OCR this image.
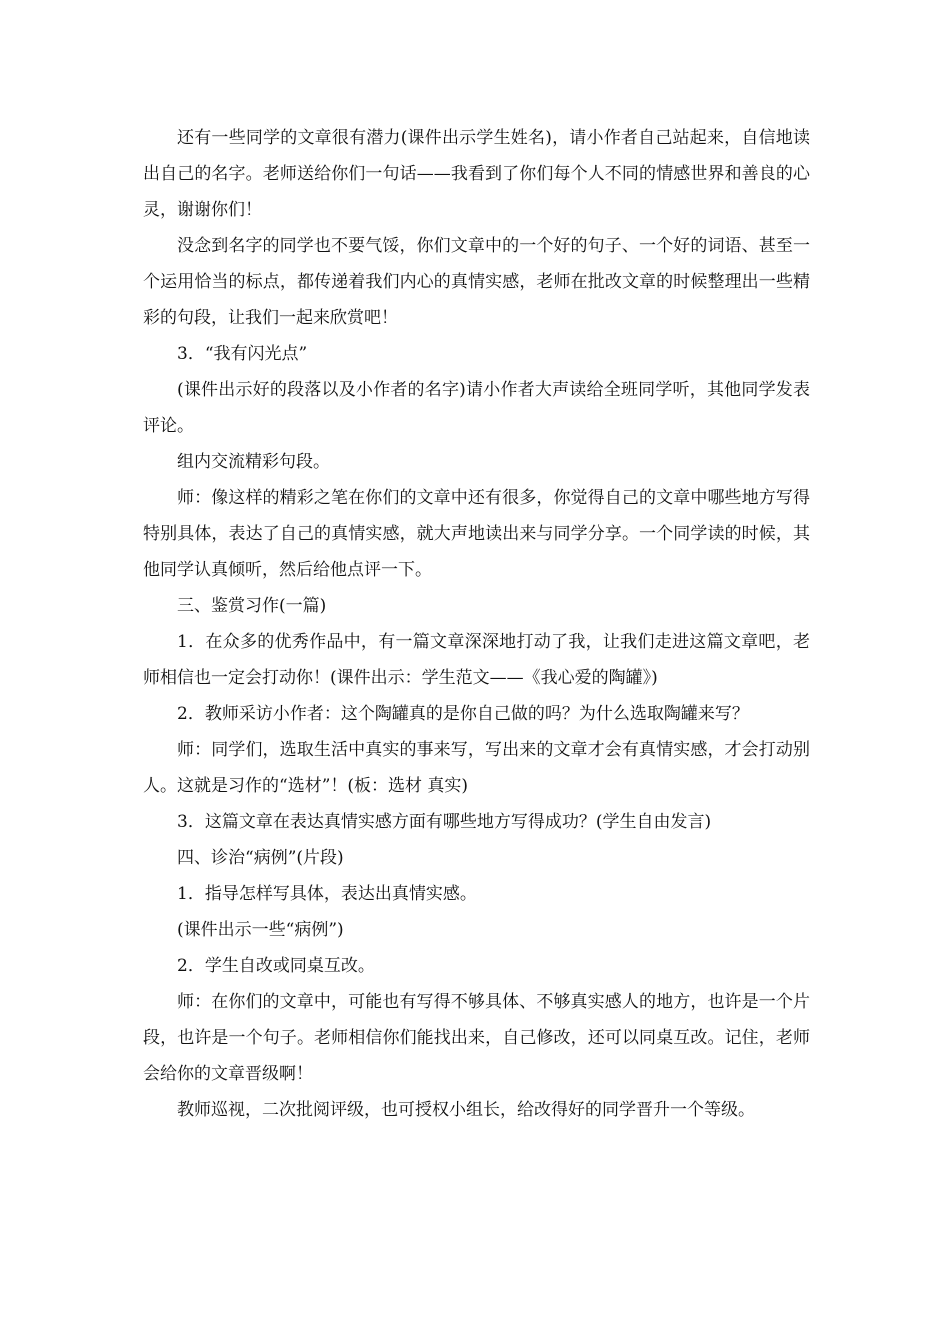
还有一些同学的文章很有潜力(课件出示学生姓名)，请小作者自己站起来，自信地读出自己的名字。老师送给你们一句话——我看到了你们每个人不同的情感世界和善良的心灵，谢谢你们！

没念到名字的同学也不要气馁，你们文章中的一个好的句子、一个好的词语、甚至一个运用恰当的标点，都传递着我们内心的真情实感，老师在批改文章的时候整理出一些精彩的句段，让我们一起来欣赏吧！

3．“我有闪光点”

(课件出示好的段落以及小作者的名字)请小作者大声读给全班同学听，其他同学发表评论。

组内交流精彩句段。

师：像这样的精彩之笔在你们的文章中还有很多，你觉得自己的文章中哪些地方写得特别具体，表达了自己的真情实感，就大声地读出来与同学分享。一个同学读的时候，其他同学认真倾听，然后给他点评一下。

三、鉴赏习作(一篇)

1．在众多的优秀作品中，有一篇文章深深地打动了我，让我们走进这篇文章吧，老师相信也一定会打动你！(课件出示：学生范文——《我心爱的陶罐》)

2．教师采访小作者：这个陶罐真的是你自己做的吗？为什么选取陶罐来写？

师：同学们，选取生活中真实的事来写，写出来的文章才会有真情实感，才会打动别人。这就是习作的“选材”！(板：选材 真实)

3．这篇文章在表达真情实感方面有哪些地方写得成功？(学生自由发言)

四、诊治“病例”(片段)

1．指导怎样写具体，表达出真情实感。

(课件出示一些“病例”)

2．学生自改或同桌互改。

师：在你们的文章中，可能也有写得不够具体、不够真实感人的地方，也许是一个片段，也许是一个句子。老师相信你们能找出来，自己修改，还可以同桌互改。记住，老师会给你的文章晋级啊！

教师巡视，二次批阅评级，也可授权小组长，给改得好的同学晋升一个等级。
